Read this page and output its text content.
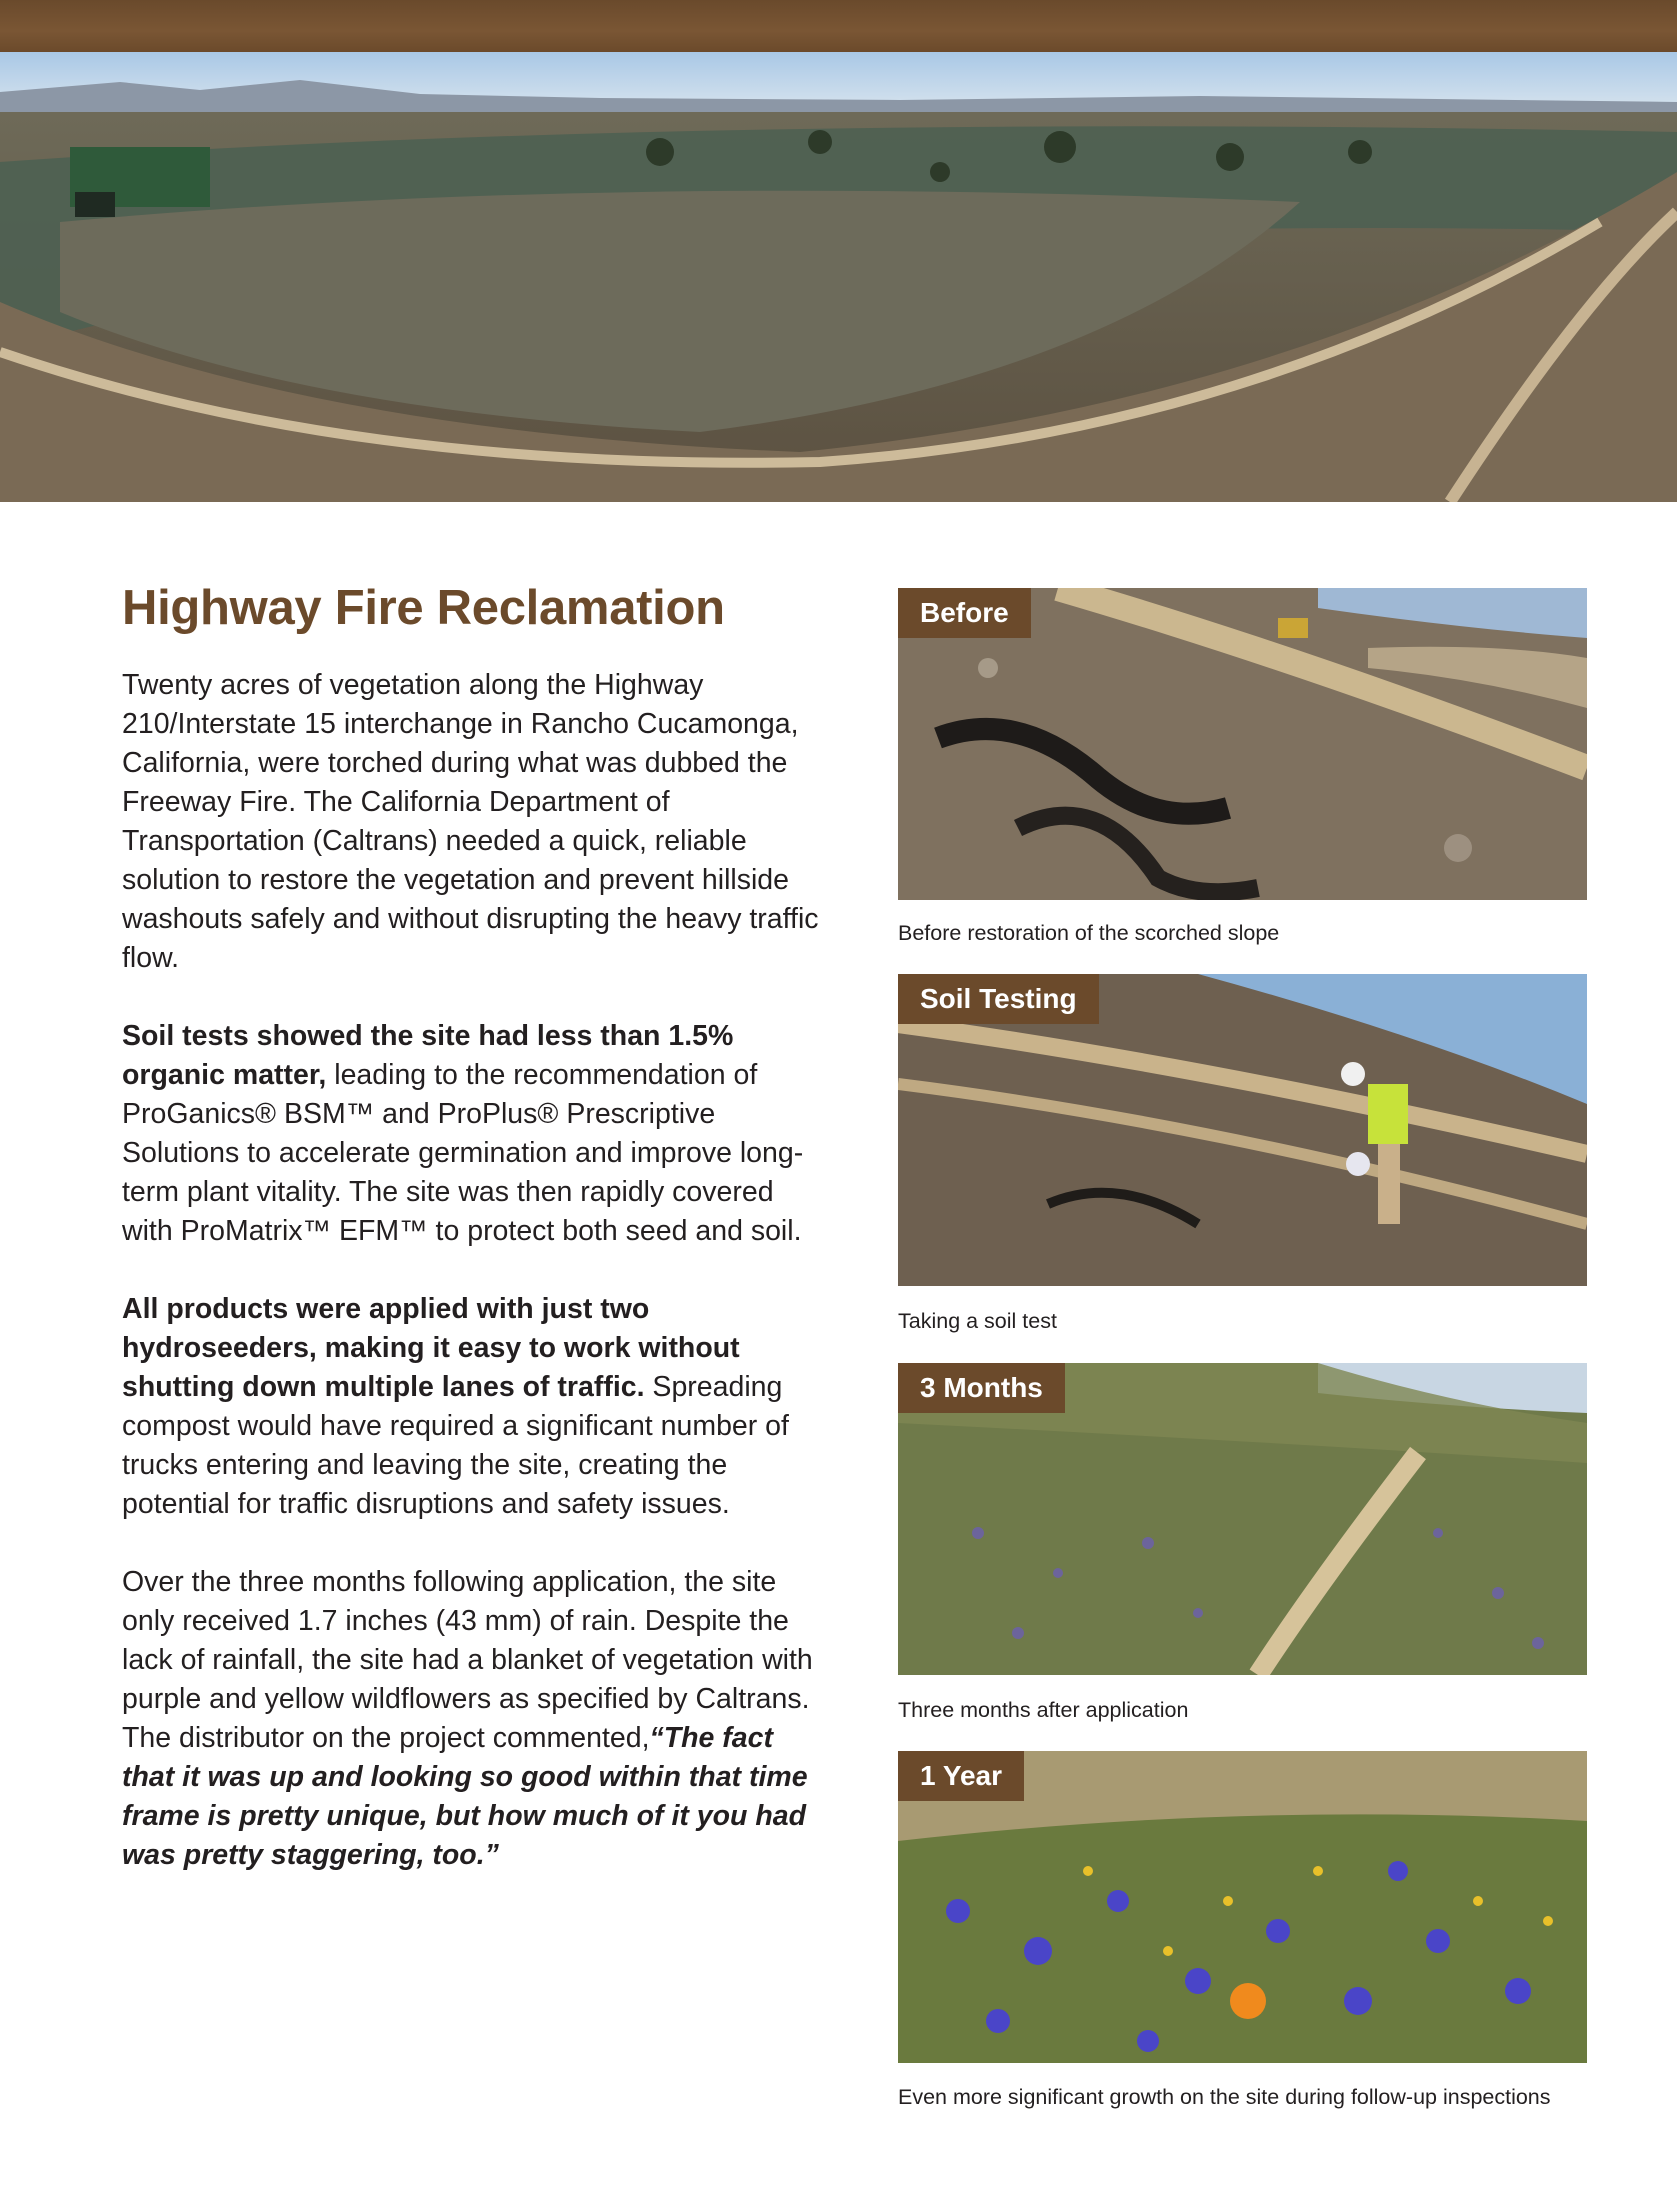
Highway Fire Reclamation

Twenty acres of vegetation along the Highway 210/Interstate 15 interchange in Rancho Cucamonga, California, were torched during what was dubbed the Freeway Fire. The California Department of Transportation (Caltrans) needed a quick, reliable solution to restore the vegetation and prevent hillside washouts safely and without disrupting the heavy traffic flow.

Soil tests showed the site had less than 1.5% organic matter, leading to the recommendation of ProGanics® BSM™ and ProPlus® Prescriptive Solutions to accelerate germination and improve long-term plant vitality. The site was then rapidly covered with ProMatrix™ EFM™ to protect both seed and soil.

All products were applied with just two hydroseeders, making it easy to work without shutting down multiple lanes of traffic. Spreading compost would have required a significant number of trucks entering and leaving the site, creating the potential for traffic disruptions and safety issues.

Over the three months following application, the site only received 1.7 inches (43 mm) of rain. Despite the lack of rainfall, the site had a blanket of vegetation with purple and yellow wildflowers as specified by Caltrans. The distributor on the project commented, “The fact that it was up and looking so good within that time frame is pretty unique, but how much of it you had was pretty staggering, too.”

Before
Before restoration of the scorched slope
Soil Testing
Taking a soil test
3 Months
Three months after application
1 Year
Even more significant growth on the site during follow-up inspections
